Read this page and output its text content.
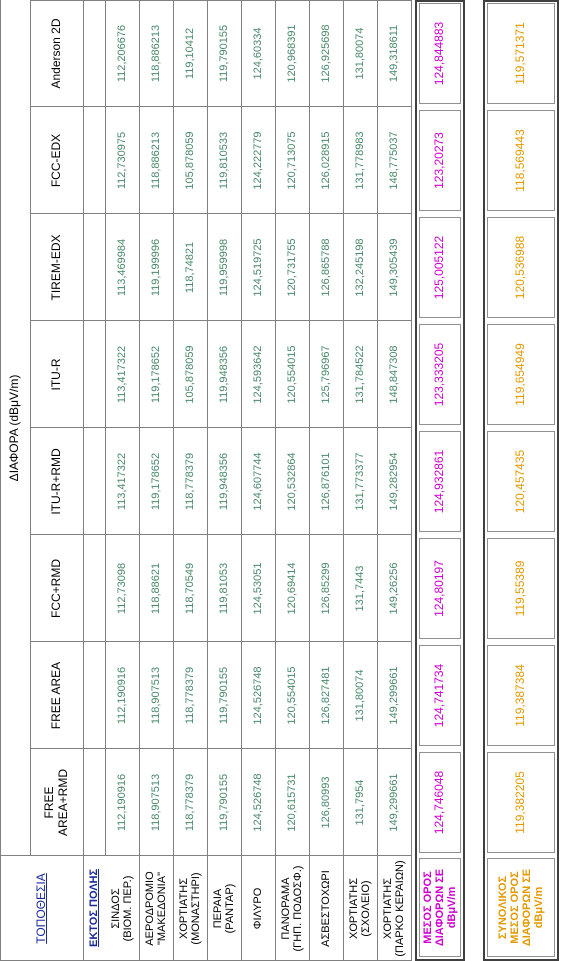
ΤΟΠΟΘΕΣΙΑ
ΔΙΑΦΟΡΑ (dBμV/m)
FREE AREA+RMD
FREE AREA
FCC+RMD
ITU-R+RMD
ITU-R
TIREM-EDX
FCC-EDX
Anderson 2D
ΕΚΤΟΣ ΠΟΛΗΣ ΣΙΝΔΟΣ
(ΒΙΟΜ. ΠΕΡ.)
112,190916
112,190916
112,73098
113,417322
113,417322
113,469984
112,730975
112,206676
ΑΕΡΟΔΡΟΜΙΟ
"ΜΑΚΕΔΟΝΙΑ"
118,907513
118,907513
118,88621
119,178652
119,178652
119,199996
118,886213
118,886213
ΧΟΡΤΙΑΤΗΣ
(ΜΟΝΑΣΤΗΡΙ)
118,778379
118,778379
118,70549
118,778379
105,878059
118,74821
105,878059
119,10412
ΠΕΡΑΙΑ
(ΡΑΝΤΑΡ)
119,790155
119,790155
119,81053
119,948356
119,948356
119,959998
119,810533
119,790155
ΦΙΛΥΡΟ
124,526748
124,526748
124,53051
124,607744
124,593642
124,519725
124,222779
124,60334
ΠΑΝΟΡΑΜΑ
(ΓΗΠ. ΠΟΔΟΣΦ.)
120,615731
120,554015
120,69414
120,532864
120,554015
120,731755
120,713075
120,968391
ΑΣΒΕΣΤΟΧΩΡΙ
126,80993
126,827481
126,85299
126,876101
125,796967
126,865788
126,028915
126,925698
ΧΟΡΤΙΑΤΗΣ
(ΣΧΟΛΕΙΟ)
131,7954
131,80074
131,7443
131,773377
131,784522
132,245198
131,778983
131,80074
ΧΟΡΤΙΑΤΗΣ
(ΠΑΡΚΟ ΚΕΡΑΙΩΝ)
149,299661
149,299661
149,26256
149,282954
148,847308
149,305439
148,775037
149,318611
ΜΕΣΟΣ ΟΡΟΣ
ΔΙΑΦΟΡΩΝ ΣΕ dBμV/m
124,746048
124,741734
124,80197
124,932861
123,333205
125,005122
123,20273
124,844883
ΣΥΝΟΛΙΚΟΣ
ΜΕΣΟΣ ΟΡΟΣ
ΔΙΑΦΟΡΩΝ ΣΕ dBμV/m
119,382205
119,387384
119,55389
120,457435
119,654949
120,536988
118,569443
119,571371
